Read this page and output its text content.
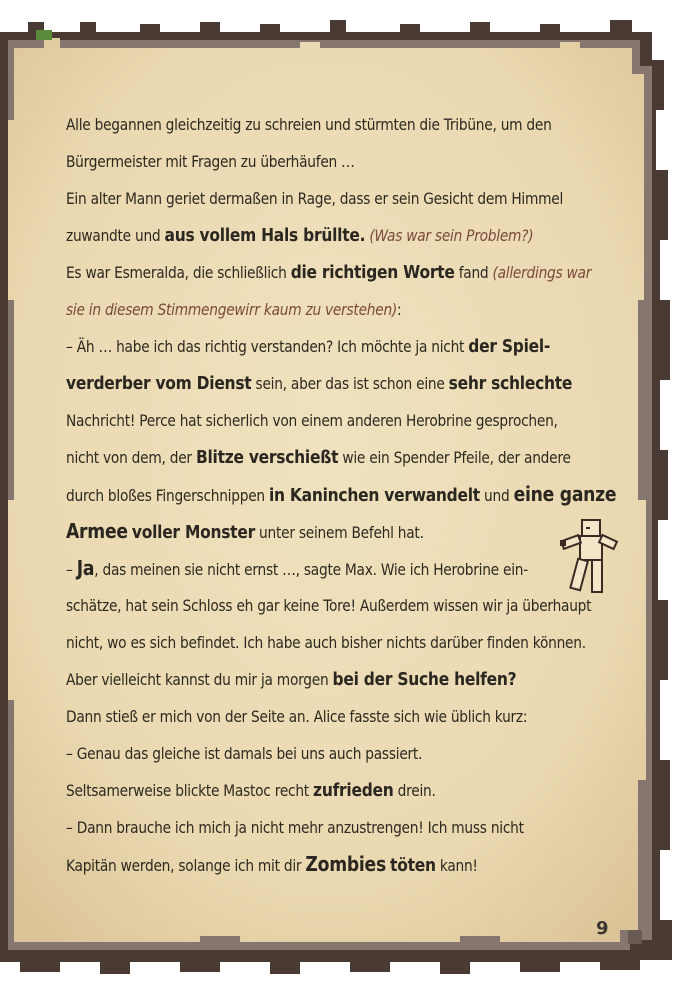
Alle begannen gleichzeitig zu schreien und stürmten die Tribüne, um den
Bürgermeister mit Fragen zu überhäufen …
Ein alter Mann geriet dermaßen in Rage, dass er sein Gesicht dem Himmel
zuwandte und aus vollem Hals brüllte. (Was war sein Problem?)
Es war Esmeralda, die schließlich die richtigen Worte fand (allerdings war
sie in diesem Stimmengewirr kaum zu verstehen):
– Äh … habe ich das richtig verstanden? Ich möchte ja nicht der Spiel-
verderber vom Dienst sein, aber das ist schon eine sehr schlechte
Nachricht! Perce hat sicherlich von einem anderen Herobrine gesprochen,
nicht von dem, der Blitze verschießt wie ein Spender Pfeile, der andere
durch bloßes Fingerschnippen in Kaninchen verwandelt und eine ganze
Armee voller Monster unter seinem Befehl hat.
– Ja, das meinen sie nicht ernst …, sagte Max. Wie ich Herobrine ein-
schätze, hat sein Schloss eh gar keine Tore! Außerdem wissen wir ja überhaupt
nicht, wo es sich befindet. Ich habe auch bisher nichts darüber finden können.
Aber vielleicht kannst du mir ja morgen bei der Suche helfen?
Dann stieß er mich von der Seite an. Alice fasste sich wie üblich kurz:
– Genau das gleiche ist damals bei uns auch passiert.
Seltsamerweise blickte Mastoc recht zufrieden drein.
– Dann brauche ich mich ja nicht mehr anzustrengen! Ich muss nicht
Kapitän werden, solange ich mit dir Zombies töten kann!
9
